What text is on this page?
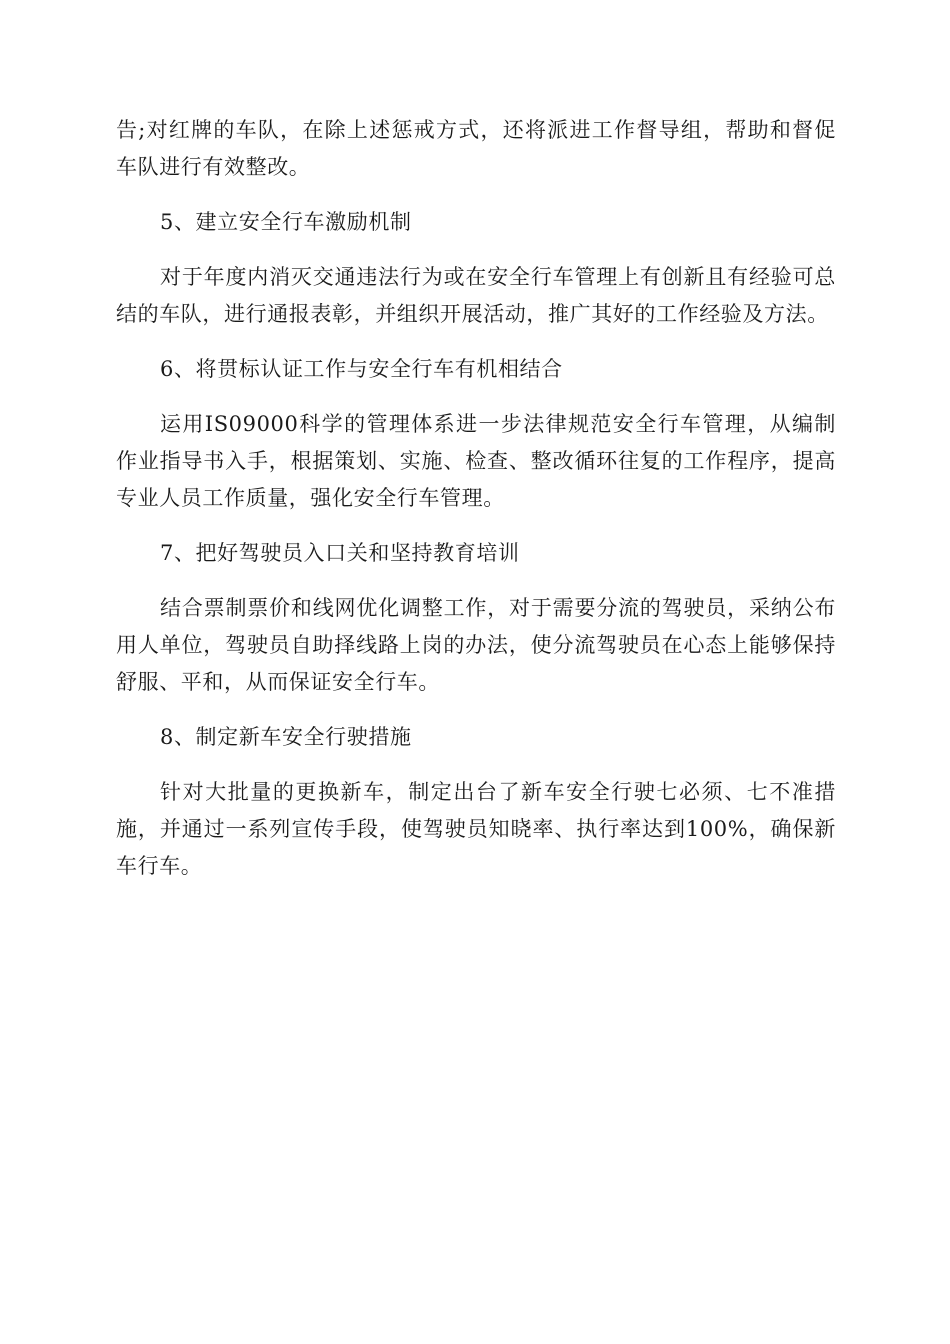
告;对红牌的车队，在除上述惩戒方式，还将派进工作督导组，帮助和督促车队进行有效整改。

5、建立安全行车激励机制

对于年度内消灭交通违法行为或在安全行车管理上有创新且有经验可总结的车队，进行通报表彰，并组织开展活动，推广其好的工作经验及方法。

6、将贯标认证工作与安全行车有机相结合

运用IS09000科学的管理体系进一步法律规范安全行车管理，从编制作业指导书入手，根据策划、实施、检查、整改循环往复的工作程序，提高专业人员工作质量，强化安全行车管理。

7、把好驾驶员入口关和坚持教育培训

结合票制票价和线网优化调整工作，对于需要分流的驾驶员，采纳公布用人单位，驾驶员自助择线路上岗的办法，使分流驾驶员在心态上能够保持舒服、平和，从而保证安全行车。

8、制定新车安全行驶措施

针对大批量的更换新车，制定出台了新车安全行驶七必须、七不准措施，并通过一系列宣传手段，使驾驶员知晓率、执行率达到100%，确保新车行车。
